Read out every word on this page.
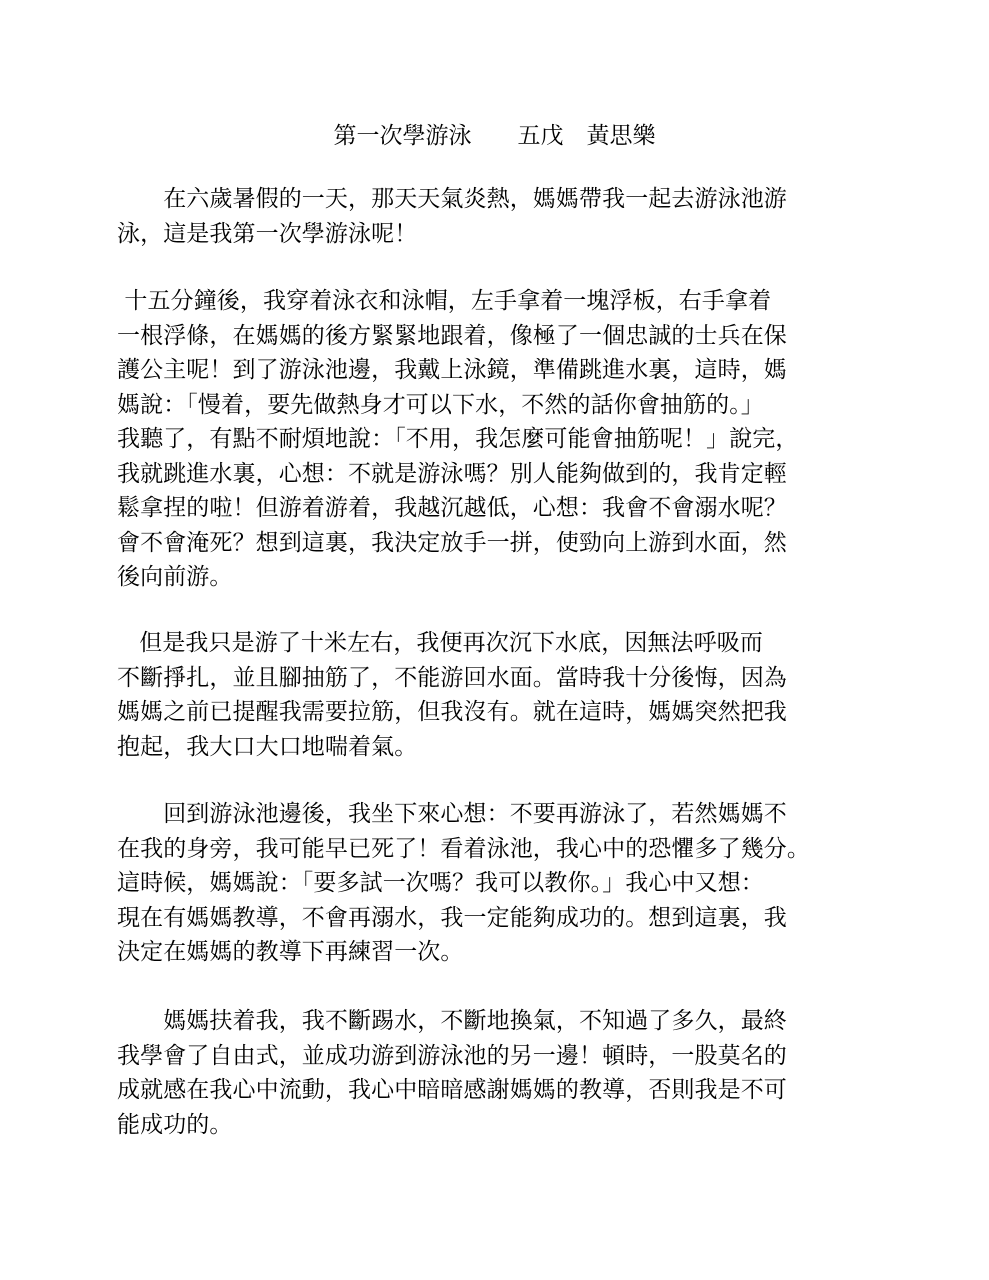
第一次學游泳　　五戊　黃思樂
　　在六歲暑假的一天，那天天氣炎熱，媽媽帶我一起去游泳池游
泳，這是我第一次學游泳呢！
十五分鐘後，我穿着泳衣和泳帽，左手拿着一塊浮板，右手拿着
一根浮條，在媽媽的後方緊緊地跟着，像極了一個忠誠的士兵在保
護公主呢！到了游泳池邊，我戴上泳鏡，準備跳進水裏，這時，媽
媽說：「慢着，要先做熱身才可以下水，不然的話你會抽筋的。」
我聽了，有點不耐煩地說：「不用，我怎麼可能會抽筋呢！」說完，
我就跳進水裏，心想：不就是游泳嗎？別人能夠做到的，我肯定輕
鬆拿捏的啦！但游着游着，我越沉越低，心想：我會不會溺水呢？
會不會淹死？想到這裏，我決定放手一拼，使勁向上游到水面，然
後向前游。
但是我只是游了十米左右，我便再次沉下水底，因無法呼吸而
不斷掙扎，並且腳抽筋了，不能游回水面。當時我十分後悔，因為
媽媽之前已提醒我需要拉筋，但我沒有。就在這時，媽媽突然把我
抱起，我大口大口地喘着氣。
　　回到游泳池邊後，我坐下來心想：不要再游泳了，若然媽媽不
在我的身旁，我可能早已死了！看着泳池，我心中的恐懼多了幾分。
這時候，媽媽說：「要多試一次嗎？我可以教你。」我心中又想：
現在有媽媽教導，不會再溺水，我一定能夠成功的。想到這裏，我
決定在媽媽的教導下再練習一次。
　　媽媽扶着我，我不斷踢水，不斷地換氣，不知過了多久，最終
我學會了自由式，並成功游到游泳池的另一邊！頓時，一股莫名的
成就感在我心中流動，我心中暗暗感謝媽媽的教導，否則我是不可
能成功的。
